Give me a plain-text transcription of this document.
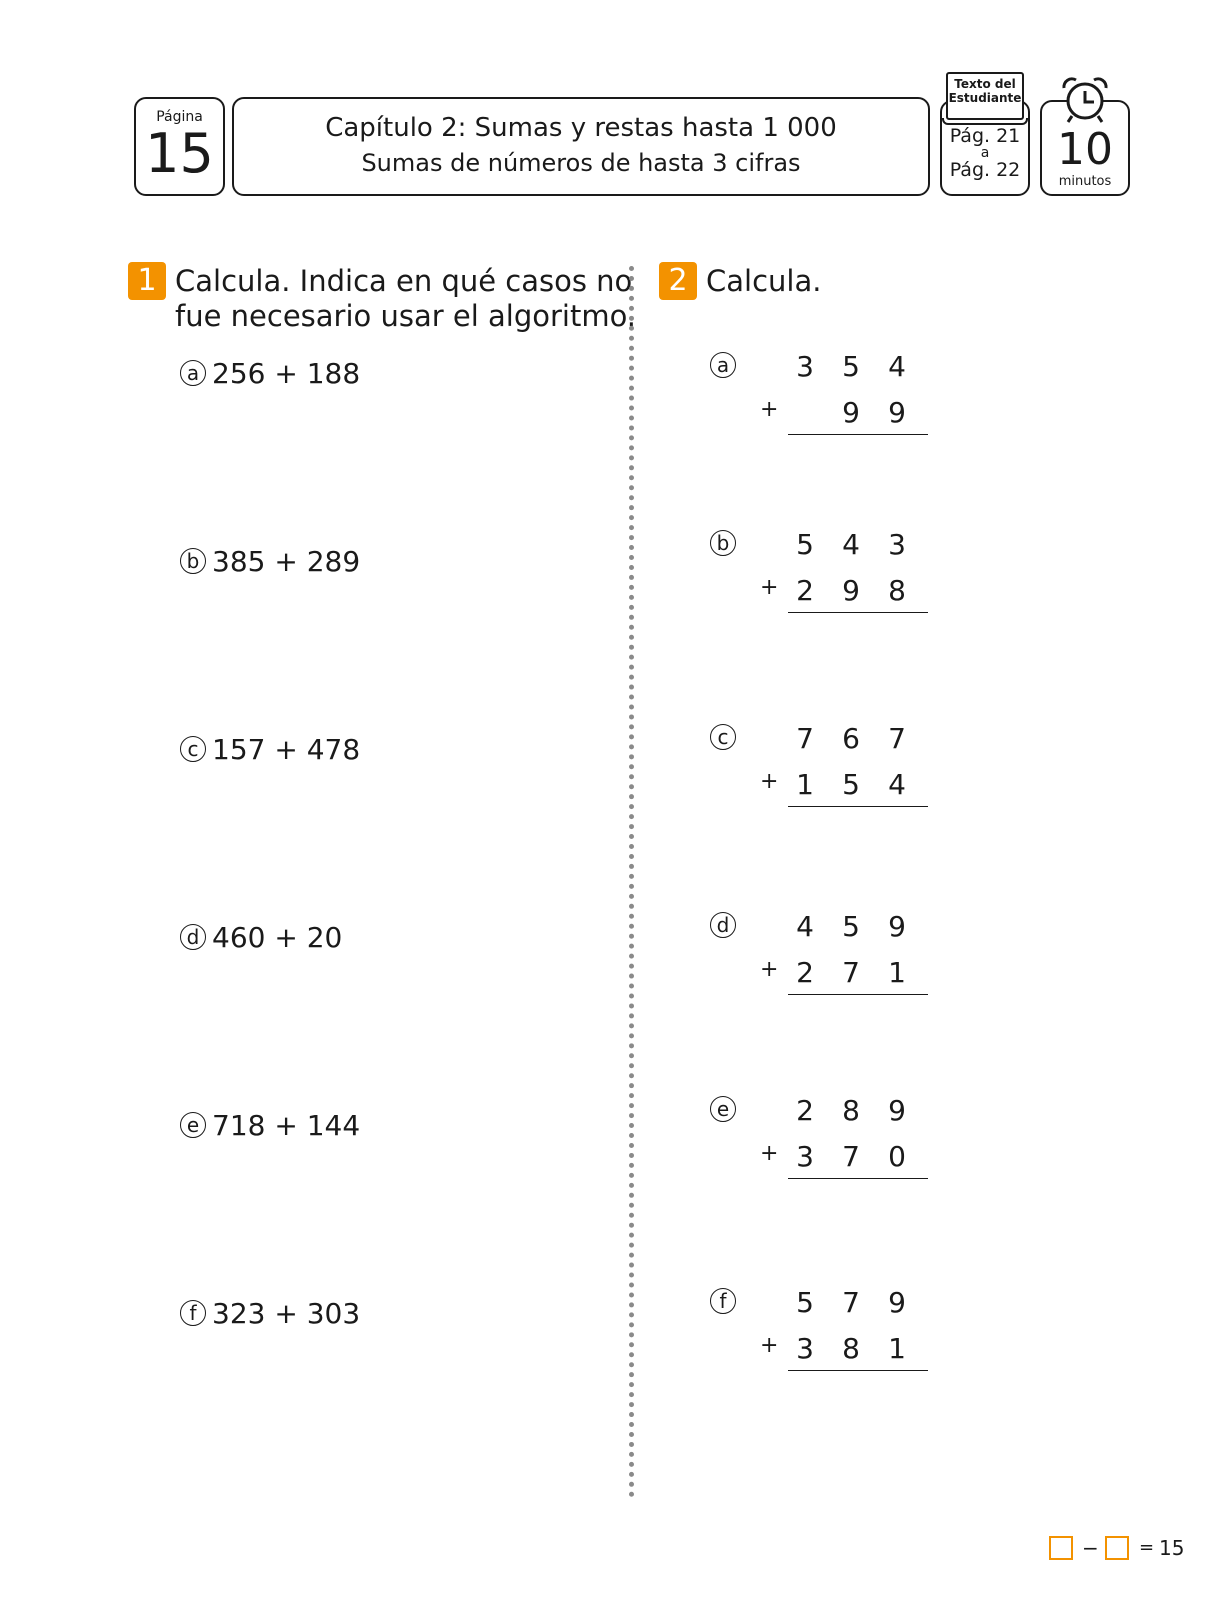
Página
15	Capítulo 2: Sumas y restas hasta 1 000
Sumas de números de hasta 3 cifras
Pág. 21
a
Pág. 22
Texto del
Estudiante
10
minutos
1 Calcula. Indica en qué casos no
fue necesario usar el algoritmo.
a 256 + 188
b 385 + 289
c 157 + 478
d 460 + 20
e 718 + 144
f 323 + 303
2 Calcula.
a 3 5 4
+ 9 9
b 5 4 3
+ 2 9 8
c 7 6 7
+ 1 5 4
d 4 5 9
+ 2 7 1
e 2 8 9
+ 3 7 0
f	5 7 9
+ 3 8 1
− = 15
